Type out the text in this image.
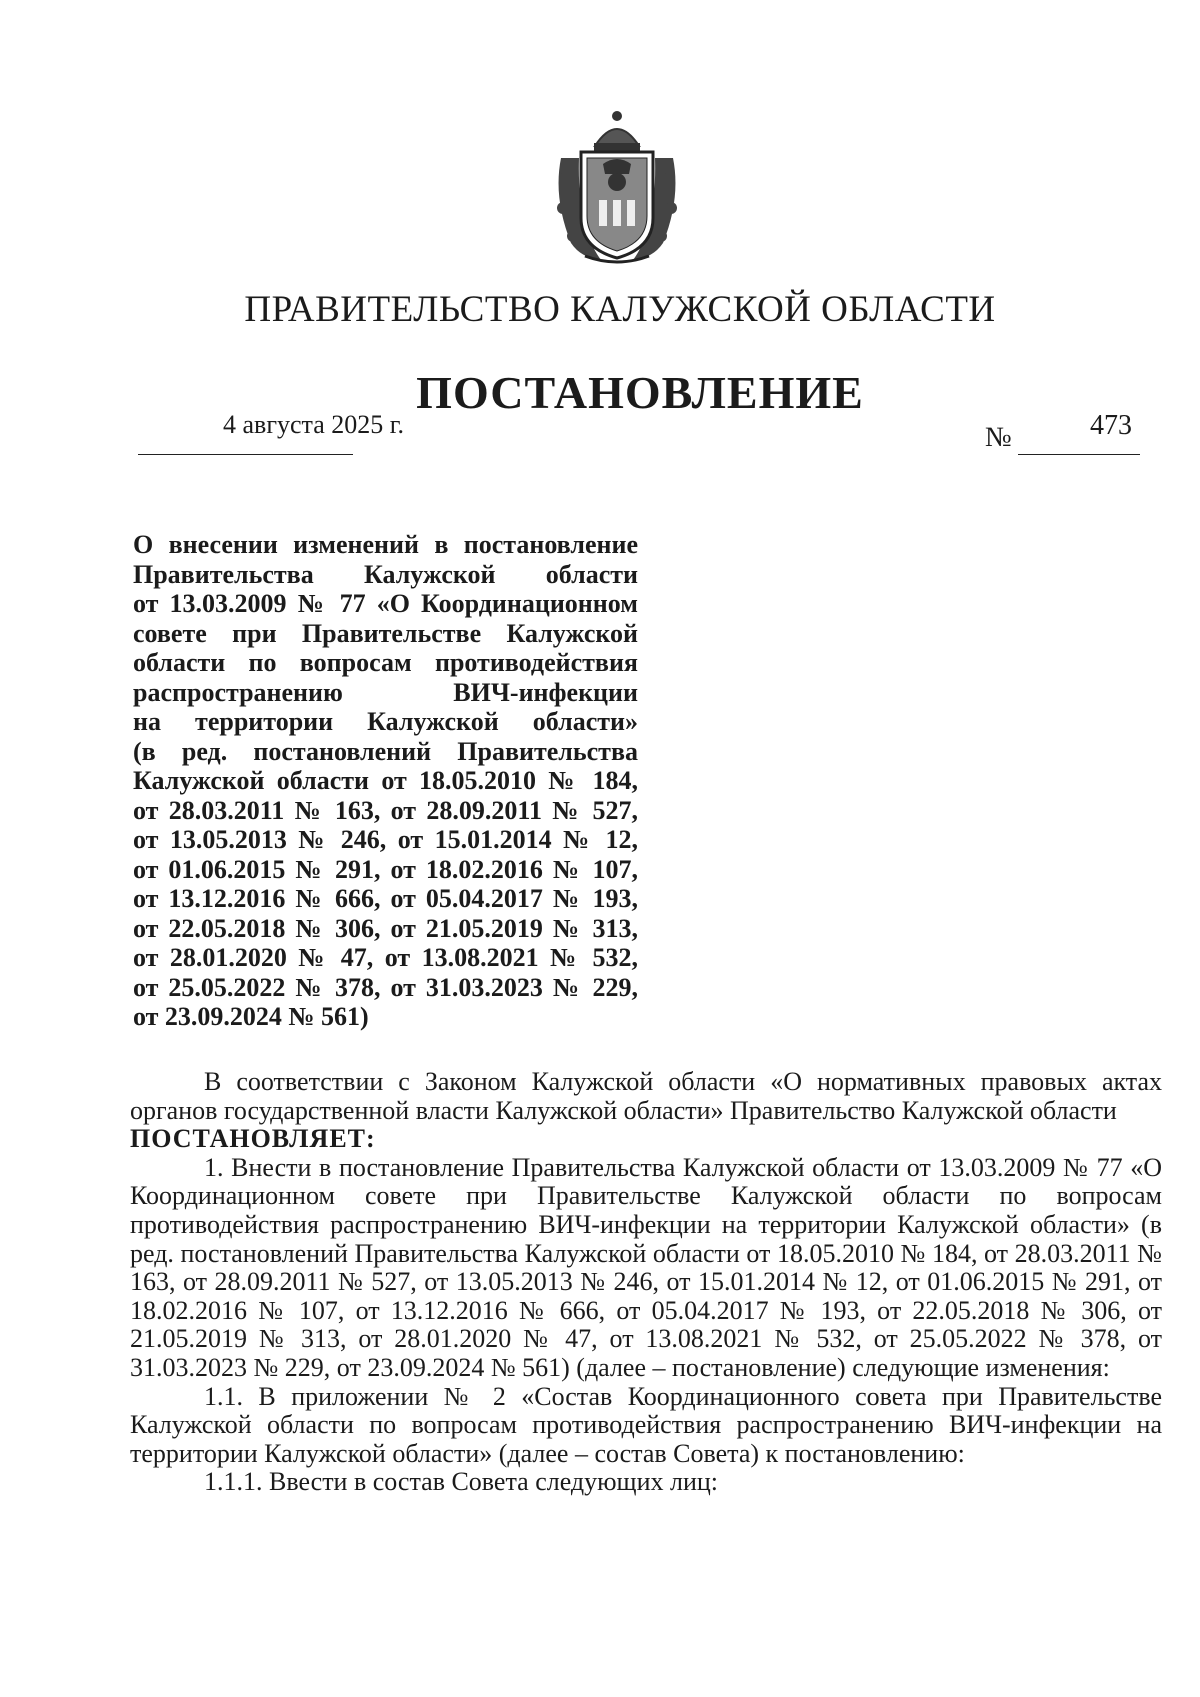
ПРАВИТЕЛЬСТВО КАЛУЖСКОЙ ОБЛАСТИ
ПОСТАНОВЛЕНИЕ
4 августа 2025 г.	№	473
О внесении изменений в постановление
Правительства Калужской области
от 13.03.2009 № 77 «О Координационном
совете при Правительстве Калужской
области по вопросам противодействия
распространению ВИЧ-инфекции
на территории Калужской области»
(в ред. постановлений Правительства
Калужской области от 18.05.2010 № 184,
от 28.03.2011 № 163, от 28.09.2011 № 527,
от 13.05.2013 № 246, от 15.01.2014 № 12,
от 01.06.2015 № 291, от 18.02.2016 № 107,
от 13.12.2016 № 666, от 05.04.2017 № 193,
от 22.05.2018 № 306, от 21.05.2019 № 313,
от 28.01.2020 № 47, от 13.08.2021 № 532,
от 25.05.2022 № 378, от 31.03.2023 № 229,
от 23.09.2024 № 561)

В соответствии с Законом Калужской области «О нормативных правовых актах органов государственной власти Калужской области» Правительство Калужской области

ПОСТАНОВЛЯЕТ:

1. Внести в постановление Правительства Калужской области от 13.03.2009 № 77 «О Координационном совете при Правительстве Калужской области по вопросам противодействия распространению ВИЧ-инфекции на территории Калужской области» (в ред. постановлений Правительства Калужской области от 18.05.2010 № 184, от 28.03.2011 № 163, от 28.09.2011 № 527, от 13.05.2013 № 246, от 15.01.2014 № 12, от 01.06.2015 № 291, от 18.02.2016 № 107, от 13.12.2016 № 666, от 05.04.2017 № 193, от 22.05.2018 № 306, от 21.05.2019 № 313, от 28.01.2020 № 47, от 13.08.2021 № 532, от 25.05.2022 № 378, от 31.03.2023 № 229, от 23.09.2024 № 561) (далее – постановление) следующие изменения:

1.1. В приложении № 2 «Состав Координационного совета при Правительстве Калужской области по вопросам противодействия распространению ВИЧ-инфекции на территории Калужской области» (далее – состав Совета) к постановлению:

1.1.1. Ввести в состав Совета следующих лиц:
